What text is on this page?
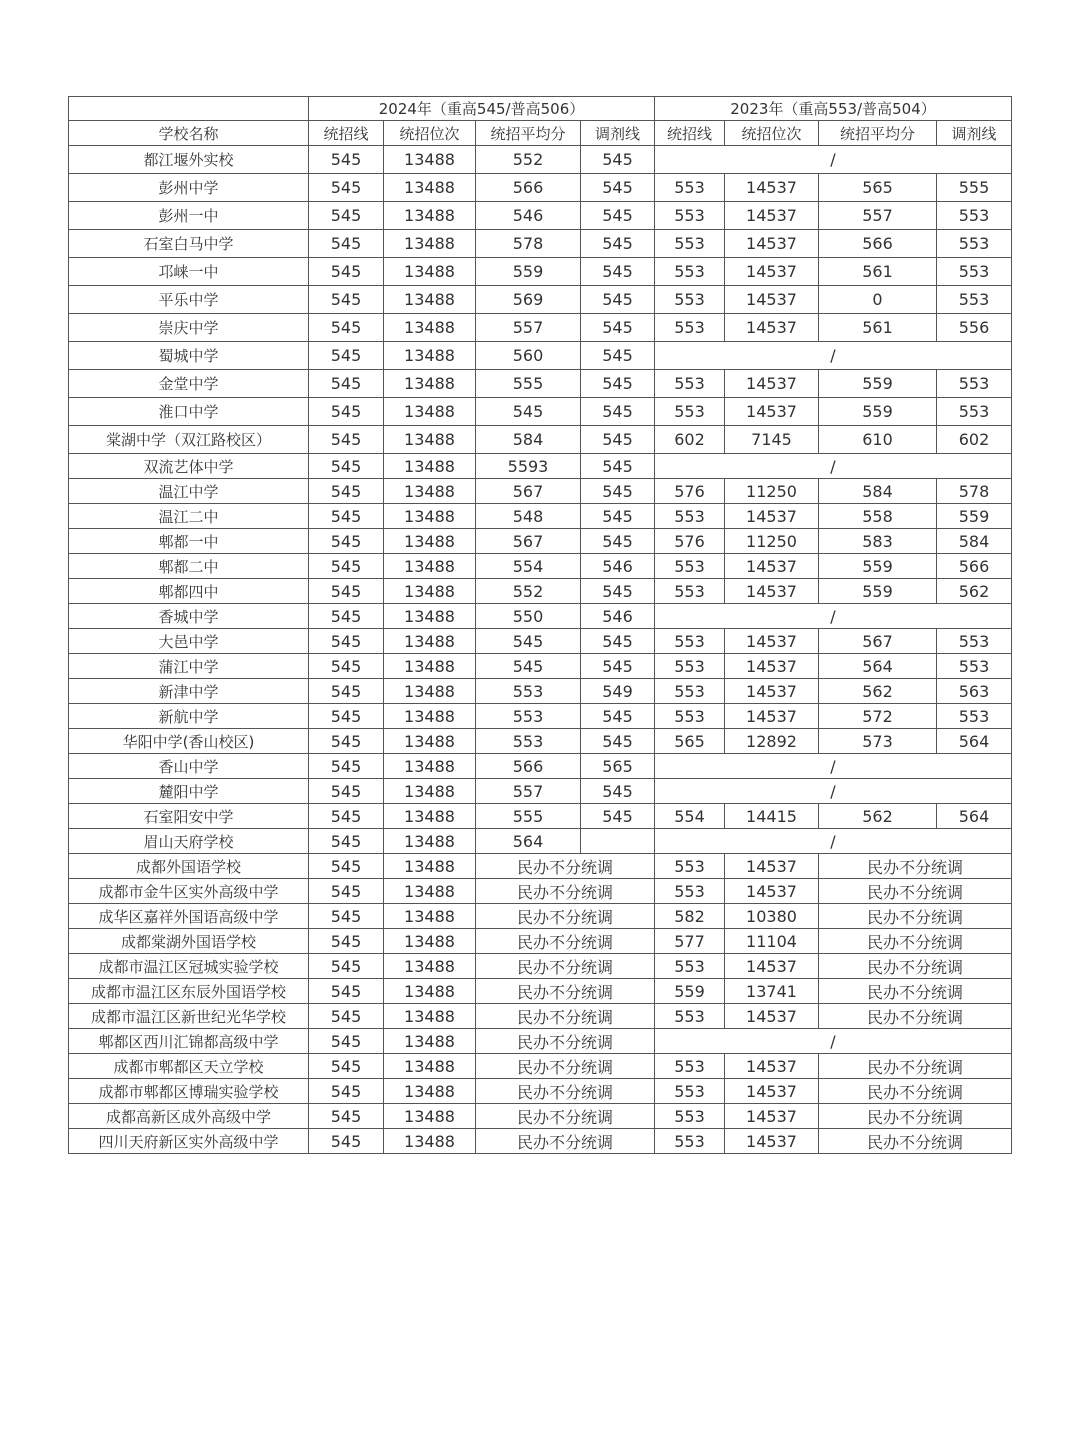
	2024年（重高545/普高506）				2023年（重高553/普高504）			
学校名称	统招线	统招位次	统招平均分	调剂线	统招线	统招位次	统招平均分	调剂线
都江堰外实校	545	13488	552	545	/			
彭州中学	545	13488	566	545	553	14537	565	555
彭州一中	545	13488	546	545	553	14537	557	553
石室白马中学	545	13488	578	545	553	14537	566	553
邛崃一中	545	13488	559	545	553	14537	561	553
平乐中学	545	13488	569	545	553	14537	0	553
崇庆中学	545	13488	557	545	553	14537	561	556
蜀城中学	545	13488	560	545	/			
金堂中学	545	13488	555	545	553	14537	559	553
淮口中学	545	13488	545	545	553	14537	559	553
棠湖中学（双江路校区）	545	13488	584	545	602	7145	610	602
双流艺体中学	545	13488	5593	545	/			
温江中学	545	13488	567	545	576	11250	584	578
温江二中	545	13488	548	545	553	14537	558	559
郫都一中	545	13488	567	545	576	11250	583	584
郫都二中	545	13488	554	546	553	14537	559	566
郫都四中	545	13488	552	545	553	14537	559	562
香城中学	545	13488	550	546	/			
大邑中学	545	13488	545	545	553	14537	567	553
蒲江中学	545	13488	545	545	553	14537	564	553
新津中学	545	13488	553	549	553	14537	562	563
新航中学	545	13488	553	545	553	14537	572	553
华阳中学(香山校区)	545	13488	553	545	565	12892	573	564
香山中学	545	13488	566	565	/			
麓阳中学	545	13488	557	545	/			
石室阳安中学	545	13488	555	545	554	14415	562	564
眉山天府学校	545	13488	564		/			
成都外国语学校	545	13488	民办不分统调		553	14537	民办不分统调	
成都市金牛区实外高级中学	545	13488	民办不分统调		553	14537	民办不分统调	
成华区嘉祥外国语高级中学	545	13488	民办不分统调		582	10380	民办不分统调	
成都棠湖外国语学校	545	13488	民办不分统调		577	11104	民办不分统调	
成都市温江区冠城实验学校	545	13488	民办不分统调		553	14537	民办不分统调	
成都市温江区东辰外国语学校	545	13488	民办不分统调		559	13741	民办不分统调	
成都市温江区新世纪光华学校	545	13488	民办不分统调		553	14537	民办不分统调	
郫都区西川汇锦都高级中学	545	13488	民办不分统调		/			
成都市郫都区天立学校	545	13488	民办不分统调		553	14537	民办不分统调	
成都市郫都区博瑞实验学校	545	13488	民办不分统调		553	14537	民办不分统调	
成都高新区成外高级中学	545	13488	民办不分统调		553	14537	民办不分统调	
四川天府新区实外高级中学	545	13488	民办不分统调		553	14537	民办不分统调	
